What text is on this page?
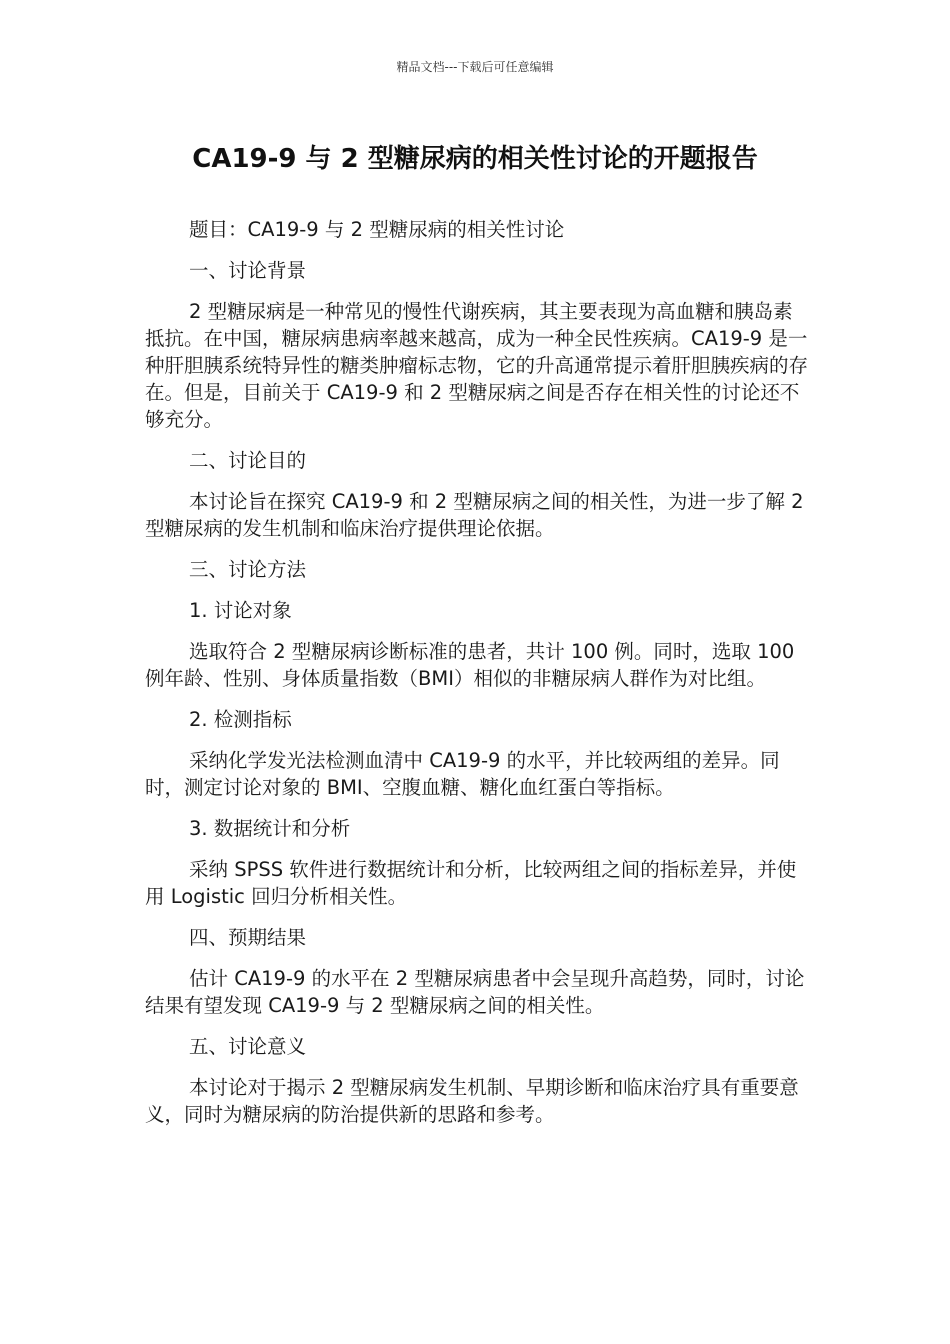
精品文档---下载后可任意编辑
CA19-9 与 2 型糖尿病的相关性讨论的开题报告

题目：CA19-9 与 2 型糖尿病的相关性讨论

一、讨论背景

2 型糖尿病是一种常见的慢性代谢疾病，其主要表现为高血糖和胰岛素抵抗。在中国，糖尿病患病率越来越高，成为一种全民性疾病。CA19-9 是一种肝胆胰系统特异性的糖类肿瘤标志物，它的升高通常提示着肝胆胰疾病的存在。但是，目前关于 CA19-9 和 2 型糖尿病之间是否存在相关性的讨论还不够充分。

二、讨论目的

本讨论旨在探究 CA19-9 和 2 型糖尿病之间的相关性，为进一步了解 2 型糖尿病的发生机制和临床治疗提供理论依据。

三、讨论方法

1. 讨论对象

选取符合 2 型糖尿病诊断标准的患者，共计 100 例。同时，选取 100 例年龄、性别、身体质量指数（BMI）相似的非糖尿病人群作为对比组。

2. 检测指标

采纳化学发光法检测血清中 CA19-9 的水平，并比较两组的差异。同时，测定讨论对象的 BMI、空腹血糖、糖化血红蛋白等指标。

3. 数据统计和分析

采纳 SPSS 软件进行数据统计和分析，比较两组之间的指标差异，并使用 Logistic 回归分析相关性。

四、预期结果

估计 CA19-9 的水平在 2 型糖尿病患者中会呈现升高趋势，同时，讨论结果有望发现 CA19-9 与 2 型糖尿病之间的相关性。

五、讨论意义

本讨论对于揭示 2 型糖尿病发生机制、早期诊断和临床治疗具有重要意义，同时为糖尿病的防治提供新的思路和参考。
